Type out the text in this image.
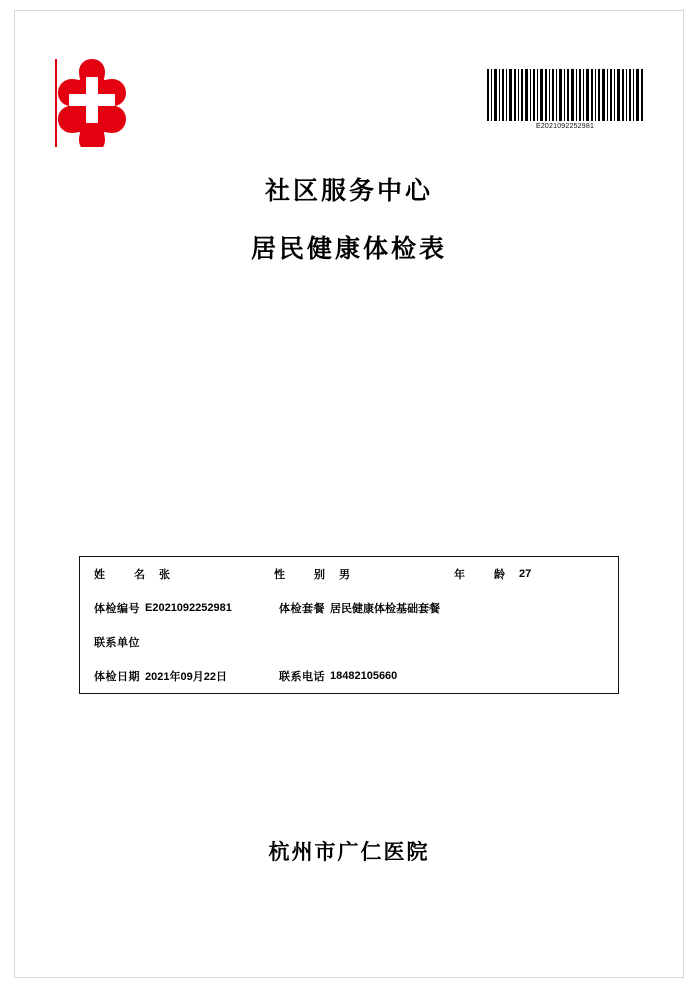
E2021092252981
社区服务中心
居民健康体检表
姓　名 张	性　别 男	年　龄 27
体检编号 E2021092252981	体检套餐 居民健康体检基础套餐
联系单位
体检日期 2021年09月22日	联系电话 18482105660
杭州市广仁医院
